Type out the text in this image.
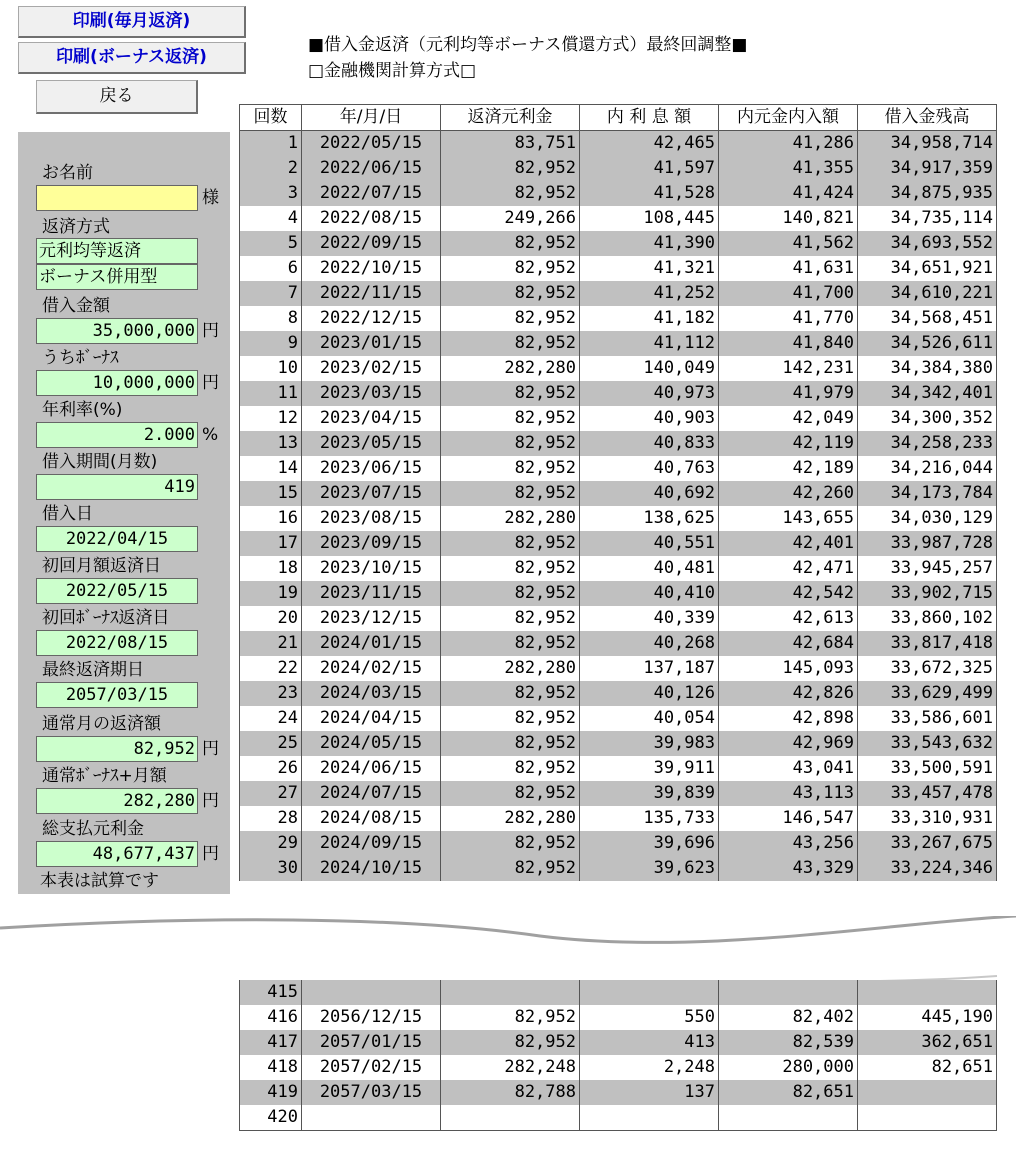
印刷(毎月返済)
印刷(ボーナス返済)
戻る
■借入金返済（元利均等ボーナス償還方式）最終回調整■
□金融機関計算方式□
お名前
様
返済方式
元利均等返済
ボーナス併用型
借入金額
35,000,000 円
うちﾎﾞｰﾅｽ
10,000,000 円
年利率(%)
2.000 %
借入期間(月数)
419
借入日
2022/04/15
初回月額返済日
2022/05/15
初回ﾎﾞｰﾅｽ返済日
2022/08/15
最終返済期日
2057/03/15
通常月の返済額
82,952 円
通常ﾎﾞｰﾅｽ+月額
282,280 円
総支払元利金
48,677,437 円
本表は試算です
回数	年/月/日	返済元利金	内 利 息 額	内元金内入額	借入金残高
1	2022/05/15	83,751	42,465	41,286	34,958,714
2	2022/06/15	82,952	41,597	41,355	34,917,359
3	2022/07/15	82,952	41,528	41,424	34,875,935
4	2022/08/15	249,266	108,445	140,821	34,735,114
5	2022/09/15	82,952	41,390	41,562	34,693,552
6	2022/10/15	82,952	41,321	41,631	34,651,921
7	2022/11/15	82,952	41,252	41,700	34,610,221
8	2022/12/15	82,952	41,182	41,770	34,568,451
9	2023/01/15	82,952	41,112	41,840	34,526,611
10	2023/02/15	282,280	140,049	142,231	34,384,380
11	2023/03/15	82,952	40,973	41,979	34,342,401
12	2023/04/15	82,952	40,903	42,049	34,300,352
13	2023/05/15	82,952	40,833	42,119	34,258,233
14	2023/06/15	82,952	40,763	42,189	34,216,044
15	2023/07/15	82,952	40,692	42,260	34,173,784
16	2023/08/15	282,280	138,625	143,655	34,030,129
17	2023/09/15	82,952	40,551	42,401	33,987,728
18	2023/10/15	82,952	40,481	42,471	33,945,257
19	2023/11/15	82,952	40,410	42,542	33,902,715
20	2023/12/15	82,952	40,339	42,613	33,860,102
21	2024/01/15	82,952	40,268	42,684	33,817,418
22	2024/02/15	282,280	137,187	145,093	33,672,325
23	2024/03/15	82,952	40,126	42,826	33,629,499
24	2024/04/15	82,952	40,054	42,898	33,586,601
25	2024/05/15	82,952	39,983	42,969	33,543,632
26	2024/06/15	82,952	39,911	43,041	33,500,591
27	2024/07/15	82,952	39,839	43,113	33,457,478
28	2024/08/15	282,280	135,733	146,547	33,310,931
29	2024/09/15	82,952	39,696	43,256	33,267,675
30	2024/10/15	82,952	39,623	43,329	33,224,346
415					
416	2056/12/15	82,952	550	82,402	445,190
417	2057/01/15	82,952	413	82,539	362,651
418	2057/02/15	282,248	2,248	280,000	82,651
419	2057/03/15	82,788	137	82,651	
420					
